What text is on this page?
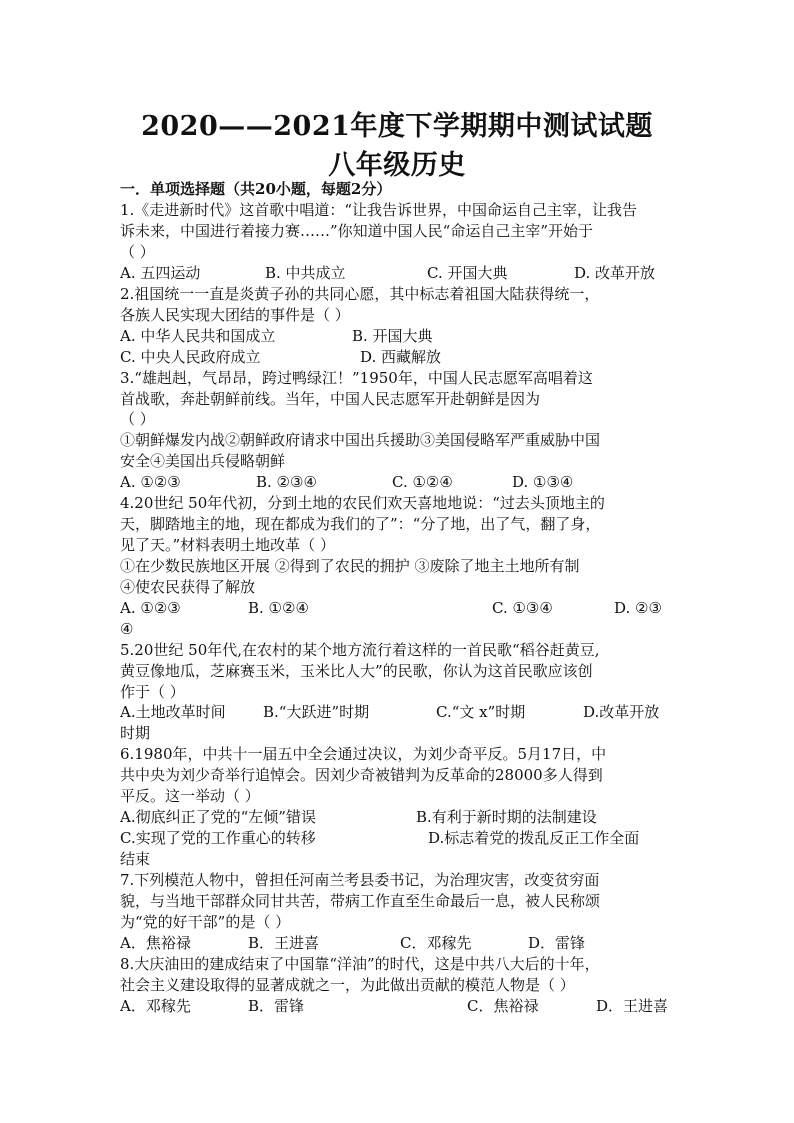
2020——2021年度下学期期中测试试题
八年级历史
一．单项选择题（共20小题，每题2分）
1.《走进新时代》这首歌中唱道：“让我告诉世界，中国命运自己主宰，让我告
诉未来，中国进行着接力赛……”你知道中国人民“命运自己主宰”开始于
（ ）
A. 五四运动	B. 中共成立	C. 开国大典	D. 改革开放
2.祖国统一一直是炎黄子孙的共同心愿，其中标志着祖国大陆获得统一，
各族人民实现大团结的事件是（ ）
A. 中华人民共和国成立	B. 开国大典
C. 中央人民政府成立	D. 西藏解放
3.“雄赳赳，气昂昂，跨过鸭绿江！”1950年，中国人民志愿军高唱着这
首战歌，奔赴朝鲜前线。当年，中国人民志愿军开赴朝鲜是因为
（ ）
①朝鲜爆发内战②朝鲜政府请求中国出兵援助③美国侵略军严重威胁中国
安全④美国出兵侵略朝鲜
A. ①②③	B. ②③④	C. ①②④	D. ①③④
4.20世纪 50年代初，分到土地的农民们欢天喜地地说：“过去头顶地主的
天，脚踏地主的地，现在都成为我们的了”：“分了地，出了气，翻了身，
见了天。”材料表明土地改革（ ）
①在少数民族地区开展 ②得到了农民的拥护 ③废除了地主土地所有制
④使农民获得了解放
A. ①②③	B. ①②④	C. ①③④	D. ②③
④
5.20世纪 50年代,在农村的某个地方流行着这样的一首民歌“稻谷赶黄豆,
黄豆像地瓜，芝麻赛玉米，玉米比人大”的民歌，你认为这首民歌应该创
作于（ ）
A.土地改革时间 B.“大跃进”时期	C.“文 x”时期	D.改革开放
时期
6.1980年，中共十一届五中全会通过决议，为刘少奇平反。5月17日，中
共中央为刘少奇举行追悼会。因刘少奇被错判为反革命的28000多人得到
平反。这一举动（ ）
A.彻底纠正了党的“左倾”错误	B.有利于新时期的法制建设
C.实现了党的工作重心的转移	D.标志着党的拨乱反正工作全面
结束
7.下列模范人物中，曾担任河南兰考县委书记，为治理灾害，改变贫穷面
貌，与当地干部群众同甘共苦，带病工作直至生命最后一息，被人民称颂
为“党的好干部”的是（ ）
A．焦裕禄	B．王进喜	C．邓稼先	D．雷锋
8.大庆油田的建成结束了中国靠“洋油”的时代，这是中共八大后的十年，
社会主义建设取得的显著成就之一，为此做出贡献的模范人物是（ ）
A．邓稼先	B．雷锋	C．焦裕禄	D．王进喜
